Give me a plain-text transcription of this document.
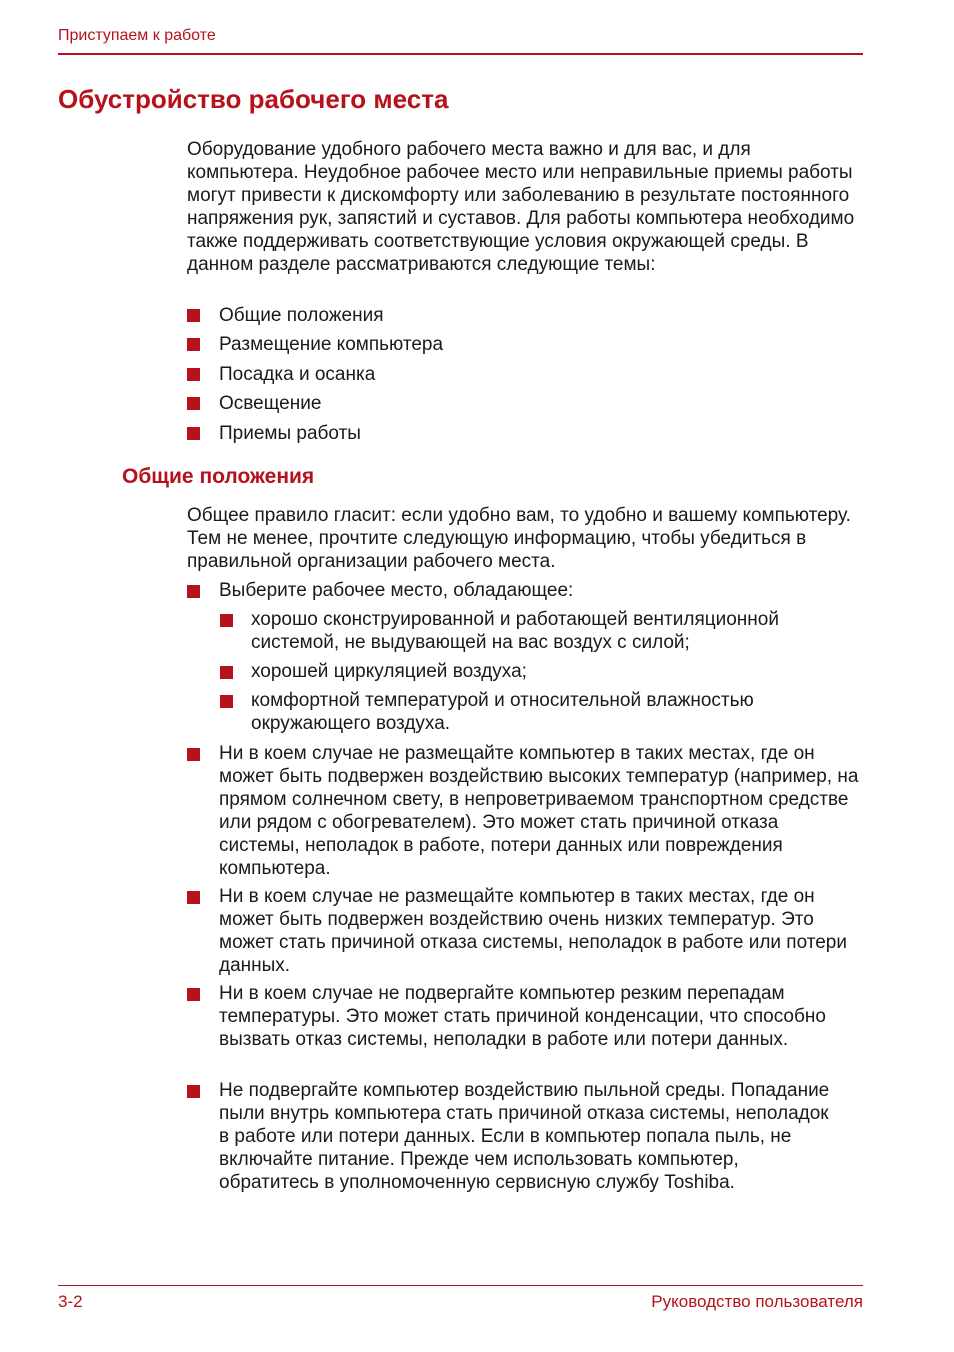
Приступаем к работе
Обустройство рабочего места

Оборудование удобного рабочего места важно и для вас, и для компьютера. Неудобное рабочее место или неправильные приемы работы могут привести к дискомфорту или заболеванию в результате постоянного напряжения рук, запястий и суставов. Для работы компьютера необходимо также поддерживать соответствующие условия окружающей среды. В данном разделе рассматриваются следующие темы:

Общие положения

Размещение компьютера

Посадка и осанка

Освещение

Приемы работы

Общие положения

Общее правило гласит: если удобно вам, то удобно и вашему компьютеру. Тем не менее, прочтите следующую информацию, чтобы убедиться в правильной организации рабочего места.

Выберите рабочее место, обладающее:

хорошо сконструированной и работающей вентиляционной системой, не выдувающей на вас воздух с силой;

хорошей циркуляцией воздуха;

комфортной температурой и относительной влажностью окружающего воздуха.

Ни в коем случае не размещайте компьютер в таких местах, где он может быть подвержен воздействию высоких температур (например, на прямом солнечном свету, в непроветриваемом транспортном средстве или рядом с обогревателем). Это может стать причиной отказа системы, неполадок в работе, потери данных или повреждения компьютера.

Ни в коем случае не размещайте компьютер в таких местах, где он может быть подвержен воздействию очень низких температур. Это может стать причиной отказа системы, неполадок в работе или потери данных.

Ни в коем случае не подвергайте компьютер резким перепадам температуры. Это может стать причиной конденсации, что способно вызвать отказ системы, неполадки в работе или потери данных.

Не подвергайте компьютер воздействию пыльной среды. Попадание пыли внутрь компьютера стать причиной отказа системы, неполадок в работе или потери данных. Если в компьютер попала пыль, не включайте питание. Прежде чем использовать компьютер, обратитесь в уполномоченную сервисную службу Toshiba.

3-2	Руководство пользователя
